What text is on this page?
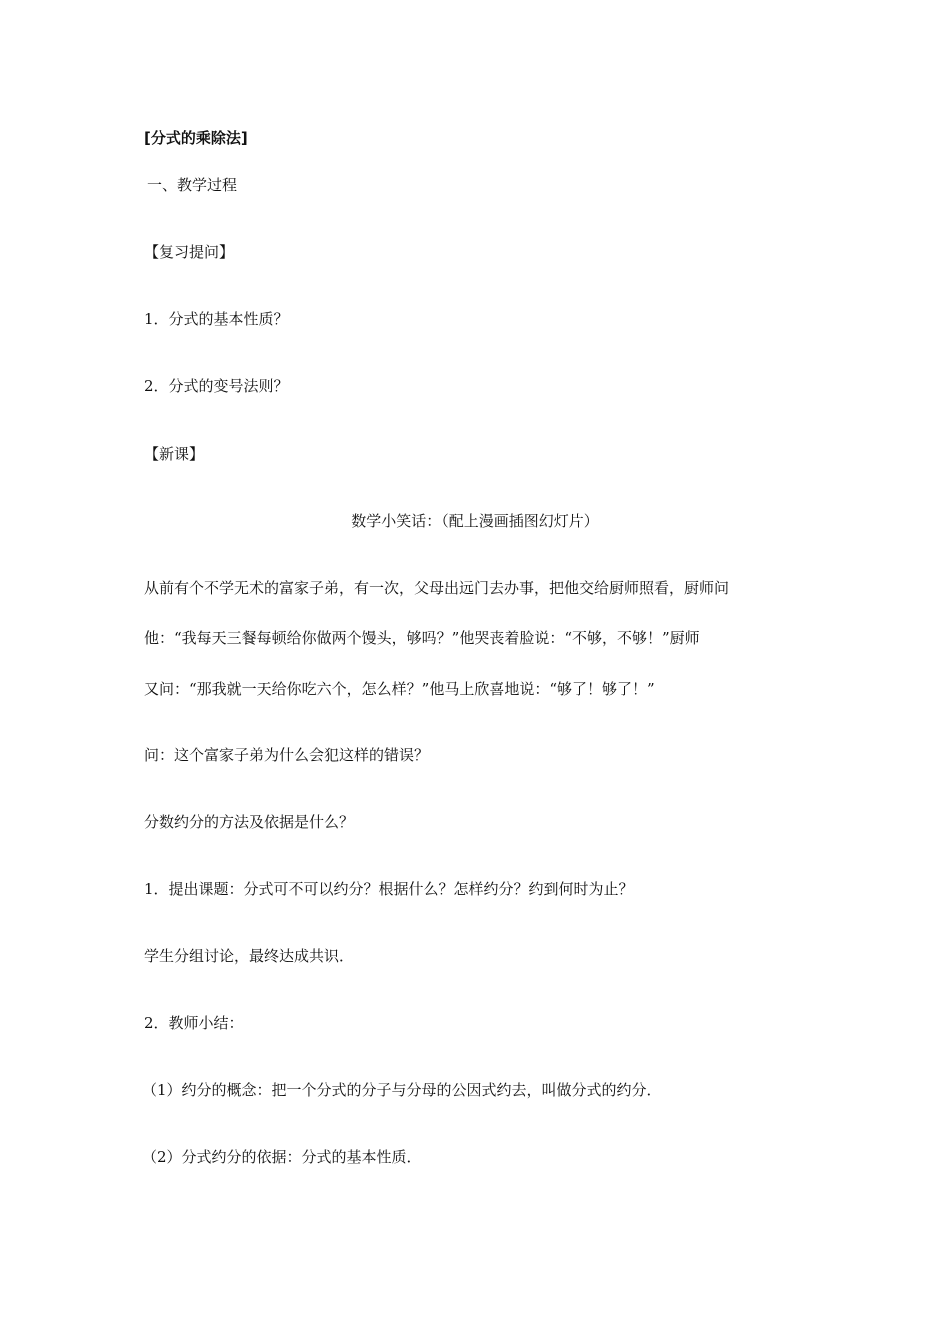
[分式的乘除法]
一、教学过程
【复习提问】
1．分式的基本性质？
2．分式的变号法则？
【新课】
数学小笑话：（配上漫画插图幻灯片）
从前有个不学无术的富家子弟，有一次，父母出远门去办事，把他交给厨师照看，厨师问
他：“我每天三餐每顿给你做两个馒头，够吗？”他哭丧着脸说：“不够，不够！”厨师
又问：“那我就一天给你吃六个，怎么样？”他马上欣喜地说：“够了！够了！”
问：这个富家子弟为什么会犯这样的错误？
分数约分的方法及依据是什么？
1．提出课题：分式可不可以约分？根据什么？怎样约分？约到何时为止？
学生分组讨论，最终达成共识．
2．教师小结：
（1）约分的概念：把一个分式的分子与分母的公因式约去，叫做分式的约分．
（2）分式约分的依据：分式的基本性质．
